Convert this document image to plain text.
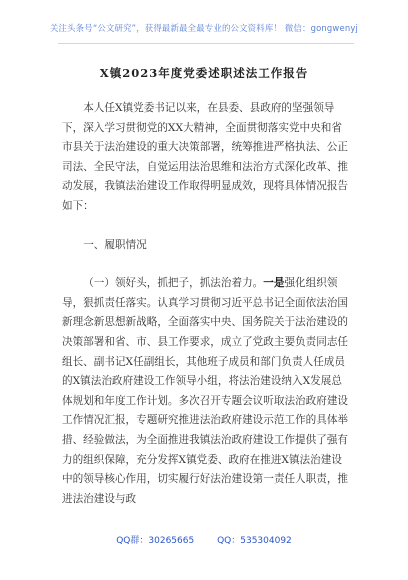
关注头条号“公文研究”，获得最新最全最专业的公文资料库！ 微信：gongwenyj
X镇2023年度党委述职述法工作报告

本人任X镇党委书记以来，在县委、县政府的坚强领导下，深入学习贯彻党的XX大精神，全面贯彻落实党中央和省市县关于法治建设的重大决策部署，统筹推进严格执法、公正司法、全民守法，自觉运用法治思维和法治方式深化改革、推动发展，我镇法治建设工作取得明显成效，现将具体情况报告如下：

一、履职情况

（一）领好头，抓把子，抓法治着力。一是强化组织领导，狠抓责任落实。认真学习贯彻习近平总书记全面依法治国新理念新思想新战略，全面落实中央、国务院关于法治建设的决策部署和省、市、县工作要求，成立了党政主要负责同志任组长、副书记X任副组长，其他班子成员和部门负责人任成员的X镇法治政府建设工作领导小组，将法治建设纳入X发展总体规划和年度工作计划。多次召开专题会议听取法治政府建设工作情况汇报，专题研究推进法治政府建设示范工作的具体举措、经验做法，为全面推进我镇法治政府建设工作提供了强有力的组织保障，充分发挥X镇党委、政府在推进X镇法治建设中的领导核心作用，切实履行好法治建设第一责任人职责，推进法治建设与政

QQ群：30265665	QQ：535304092
